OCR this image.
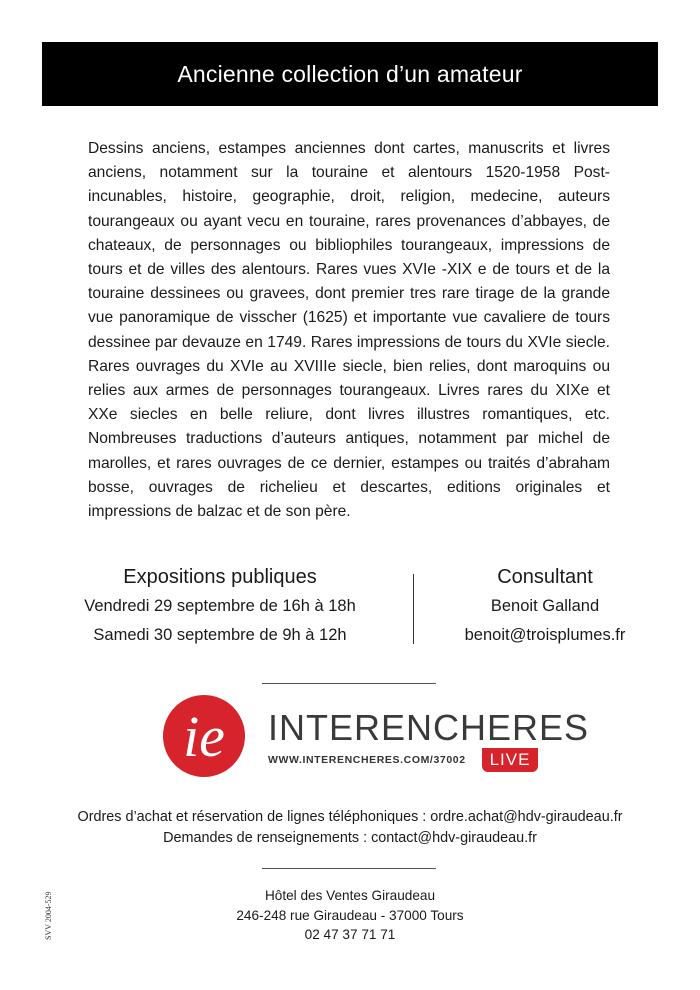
Ancienne collection d’un amateur
Dessins anciens, estampes anciennes dont cartes, manuscrits et livres anciens, notamment sur la touraine et alentours 1520-1958 Post-incunables, histoire, geographie, droit, religion, medecine, auteurs tourangeaux ou ayant vecu en touraine, rares provenances d’abbayes, de chateaux, de personnages ou bibliophiles tourangeaux, impressions de tours et de villes des alentours. Rares vues XVIe -XIX e de tours et de la touraine dessinees ou gravees, dont premier tres rare tirage de la grande vue panoramique de visscher (1625) et importante vue cavaliere de tours dessinee par devauze en 1749. Rares impressions de tours du XVIe siecle. Rares ouvrages du XVIe au XVIIIe siecle, bien relies, dont maroquins ou relies aux armes de personnages tourangeaux. Livres rares du XIXe et XXe siecles en belle reliure, dont livres illustres romantiques, etc. Nombreuses traductions d’auteurs antiques, notamment par michel de marolles, et rares ouvrages de ce dernier, estampes ou traités d’abraham bosse, ouvrages de richelieu et descartes, editions originales et impressions de balzac et de son père.
Expositions publiques
Vendredi 29 septembre de 16h à 18h
Samedi 30 septembre de 9h à 12h
Consultant
Benoit Galland
benoit@troisplumes.fr
ie INTERENCHERES
WWW.INTERENCHERES.COM/37002	LIVE
Ordres d’achat et réservation de lignes téléphoniques : ordre.achat@hdv-giraudeau.fr
Demandes de renseignements : contact@hdv-giraudeau.fr
Hôtel des Ventes Giraudeau
246-248 rue Giraudeau - 37000 Tours
02 47 37 71 71
SVV 2004-529
